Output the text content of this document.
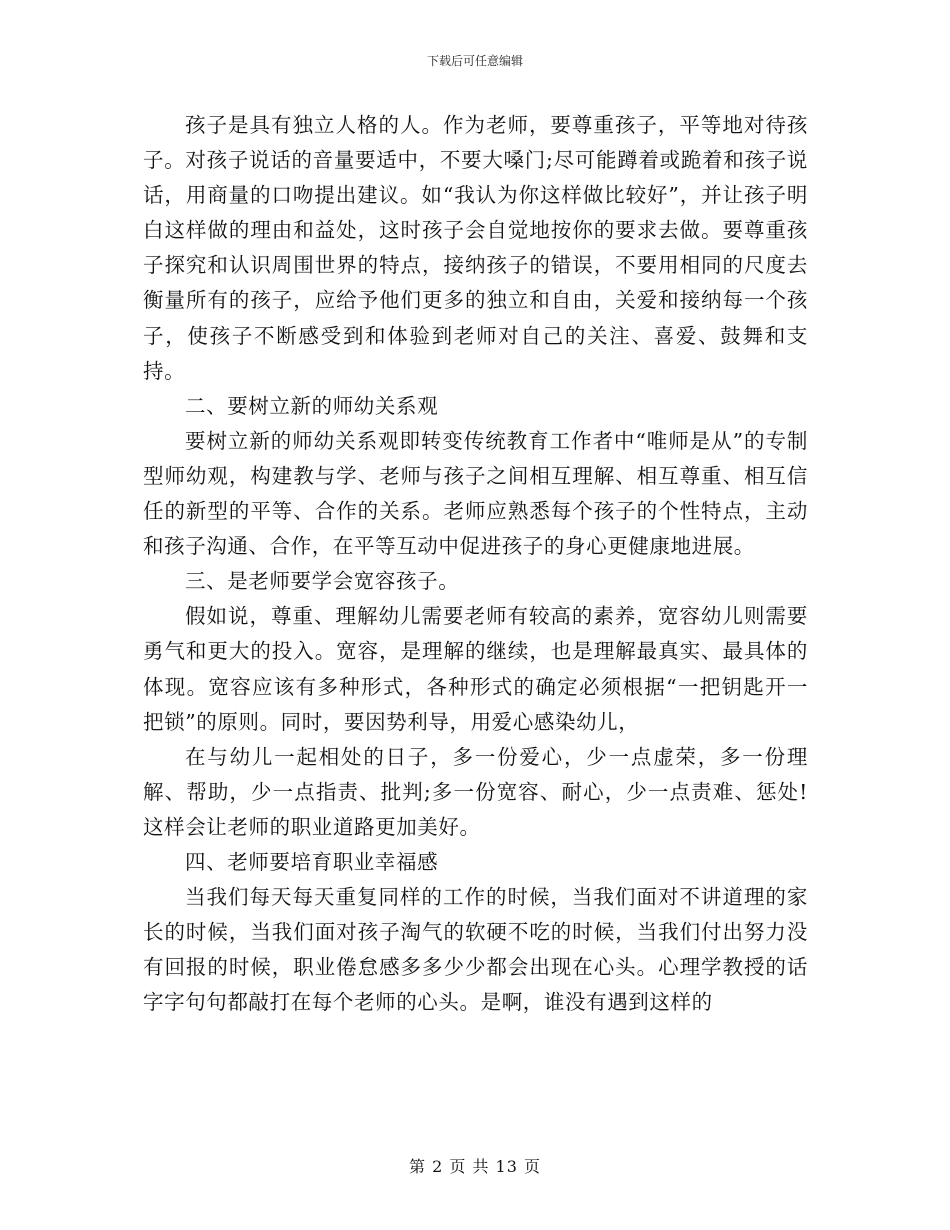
下载后可任意编辑

孩子是具有独立人格的人。作为老师，要尊重孩子，平等地对待孩子。对孩子说话的音量要适中，不要大嗓门;尽可能蹲着或跪着和孩子说话，用商量的口吻提出建议。如“我认为你这样做比较好”，并让孩子明白这样做的理由和益处，这时孩子会自觉地按你的要求去做。要尊重孩子探究和认识周围世界的特点，接纳孩子的错误，不要用相同的尺度去衡量所有的孩子，应给予他们更多的独立和自由，关爱和接纳每一个孩子，使孩子不断感受到和体验到老师对自己的关注、喜爱、鼓舞和支持。

二、要树立新的师幼关系观

要树立新的师幼关系观即转变传统教育工作者中“唯师是从”的专制型师幼观，构建教与学、老师与孩子之间相互理解、相互尊重、相互信任的新型的平等、合作的关系。老师应熟悉每个孩子的个性特点，主动和孩子沟通、合作，在平等互动中促进孩子的身心更健康地进展。

三、是老师要学会宽容孩子。

假如说，尊重、理解幼儿需要老师有较高的素养，宽容幼儿则需要勇气和更大的投入。宽容，是理解的继续，也是理解最真实、最具体的体现。宽容应该有多种形式，各种形式的确定必须根据“一把钥匙开一把锁”的原则。同时，要因势利导，用爱心感染幼儿，

在与幼儿一起相处的日子，多一份爱心，少一点虚荣，多一份理解、帮助，少一点指责、批判;多一份宽容、耐心，少一点责难、惩处!这样会让老师的职业道路更加美好。

四、老师要培育职业幸福感

当我们每天每天重复同样的工作的时候，当我们面对不讲道理的家长的时候，当我们面对孩子淘气的软硬不吃的时候，当我们付出努力没有回报的时候，职业倦怠感多多少少都会出现在心头。心理学教授的话字字句句都敲打在每个老师的心头。是啊，谁没有遇到这样的

第 2 页 共 13 页
